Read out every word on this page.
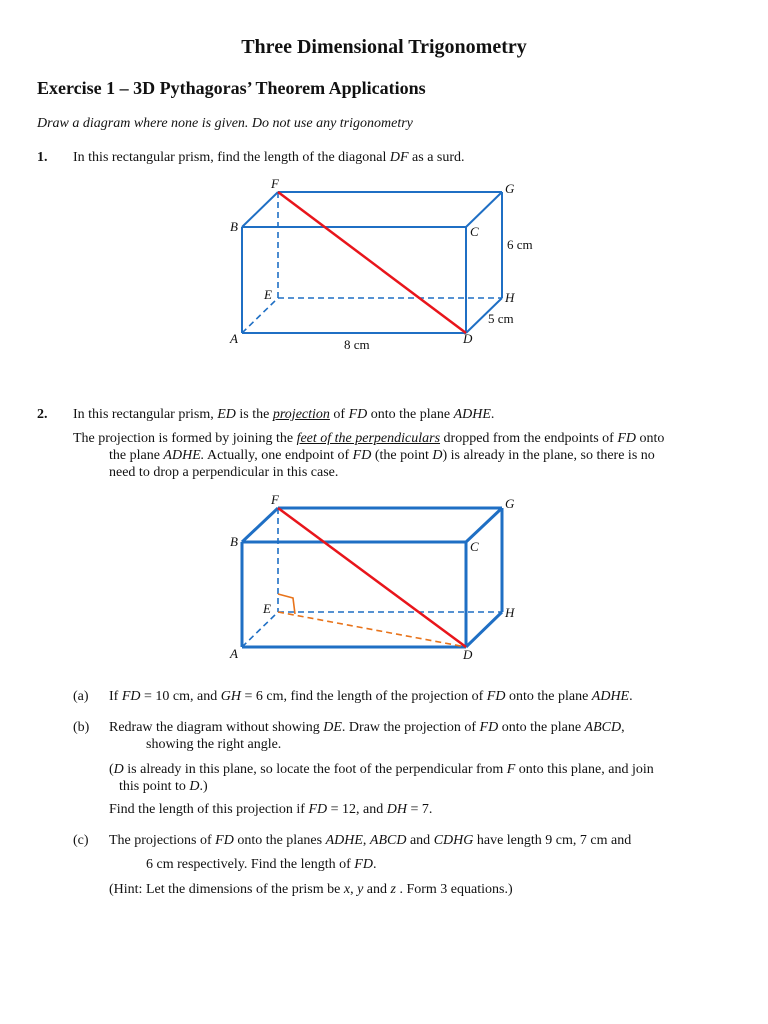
Three Dimensional Trigonometry
Exercise 1 – 3D Pythagoras’ Theorem Applications
Draw a diagram where none is given. Do not use any trigonometry
1. In this rectangular prism, find the length of the diagonal DF as a surd.
F	G
B	C
E	H
A	D
6 cm
5 cm
8 cm
2. In this rectangular prism, ED is the projection of FD onto the plane ADHE.
The projection is formed by joining the feet of the perpendiculars dropped from the endpoints of FD onto
the plane ADHE. Actually, one endpoint of FD (the point D) is already in the plane, so there is no
need to drop a perpendicular in this case.
F	G
B	C
E	H
A	D
(a) If FD = 10 cm, and GH = 6 cm, find the length of the projection of FD onto the plane ADHE.
(b) Redraw the diagram without showing DE. Draw the projection of FD onto the plane ABCD,
showing the right angle.
(D is already in this plane, so locate the foot of the perpendicular from F onto this plane, and join
this point to D.)
Find the length of this projection if FD = 12, and DH = 7.
(c) The projections of FD onto the planes ADHE, ABCD and CDHG have length 9 cm, 7 cm and
6 cm respectively. Find the length of FD.
(Hint: Let the dimensions of the prism be x, y and z . Form 3 equations.)
